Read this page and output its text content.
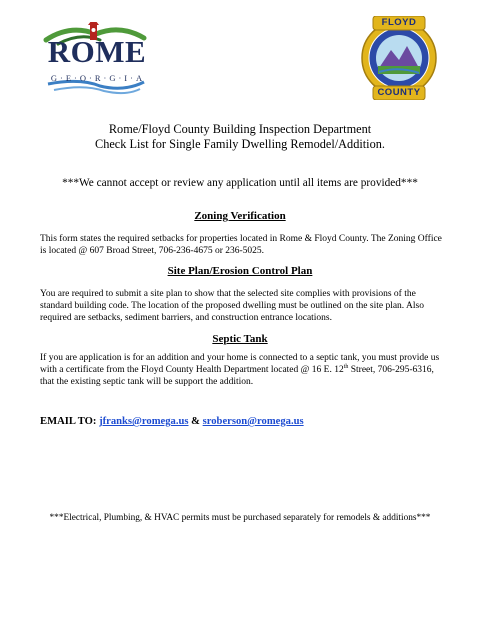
ROME
G·E·O·R·G·I·A
FLOYD
COUNTY
Rome/Floyd County Building Inspection Department
Check List for Single Family Dwelling Remodel/Addition.
***We cannot accept or review any application until all items are provided***
Zoning Verification
This form states the required setbacks for properties located in Rome & Floyd County. The Zoning Office is located @ 607 Broad Street, 706-236-4675 or 236-5025.
Site Plan/Erosion Control Plan
You are required to submit a site plan to show that the selected site complies with provisions of the standard building code. The location of the proposed dwelling must be outlined on the site plan. Also required are setbacks, sediment barriers, and construction entrance locations.
Septic Tank
If you are application is for an addition and your home is connected to a septic tank, you must provide us with a certificate from the Floyd County Health Department located @ 16 E. 12th Street, 706-295-6316, that the existing septic tank will be support the addition.
EMAIL TO: jfranks@romega.us & sroberson@romega.us
***Electrical, Plumbing, & HVAC permits must be purchased separately for remodels & additions***
